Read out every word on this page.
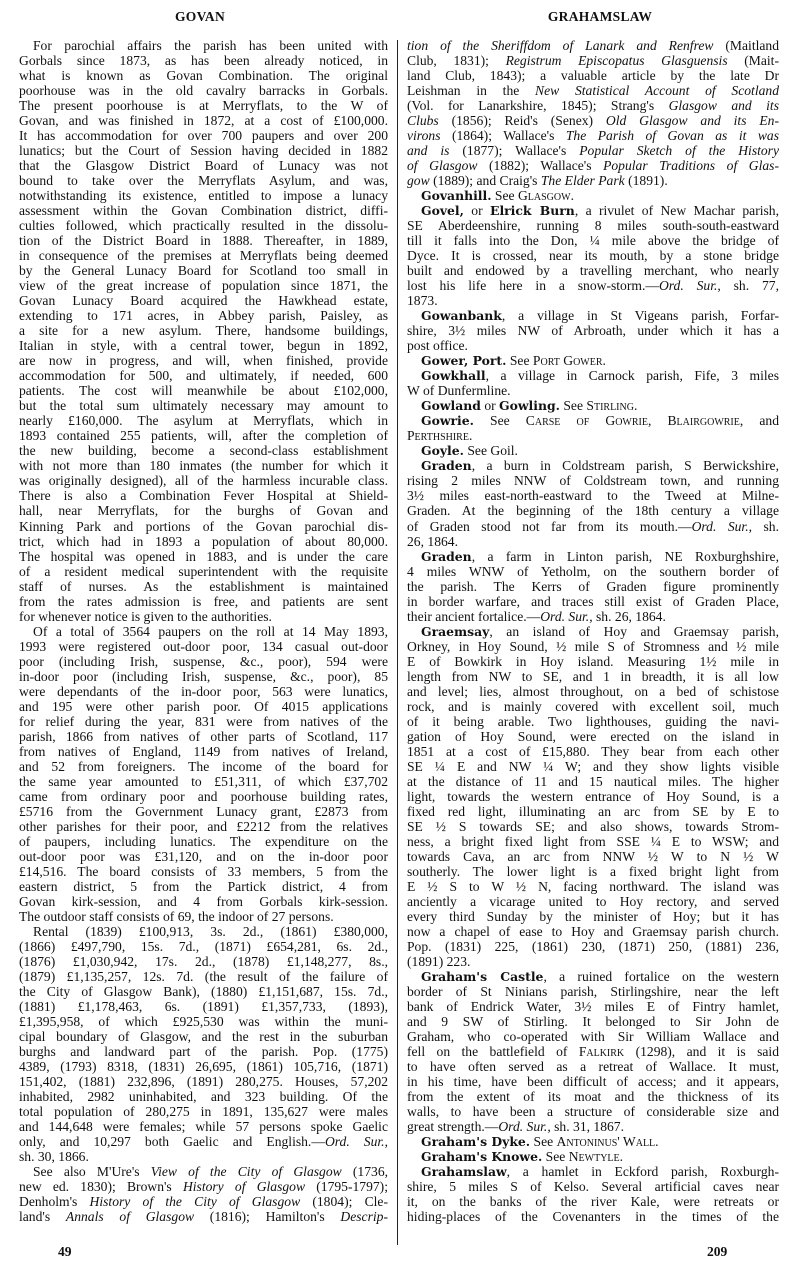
GOVAN	GRAHAMSLAW
For parochial affairs the parish has been united with
Gorbals since 1873, as has been already noticed, in
what is known as Govan Combination. The original
poorhouse was in the old cavalry barracks in Gorbals.
The present poorhouse is at Merryflats, to the W of
Govan, and was finished in 1872, at a cost of £100,000.
It has accommodation for over 700 paupers and over 200
lunatics; but the Court of Session having decided in 1882
that the Glasgow District Board of Lunacy was not
bound to take over the Merryflats Asylum, and was,
notwithstanding its existence, entitled to impose a lunacy
assessment within the Govan Combination district, diffi-
culties followed, which practically resulted in the dissolu-
tion of the District Board in 1888. Thereafter, in 1889,
in consequence of the premises at Merryflats being deemed
by the General Lunacy Board for Scotland too small in
view of the great increase of population since 1871, the
Govan Lunacy Board acquired the Hawkhead estate,
extending to 171 acres, in Abbey parish, Paisley, as
a site for a new asylum. There, handsome buildings,
Italian in style, with a central tower, begun in 1892,
are now in progress, and will, when finished, provide
accommodation for 500, and ultimately, if needed, 600
patients. The cost will meanwhile be about £102,000,
but the total sum ultimately necessary may amount to
nearly £160,000. The asylum at Merryflats, which in
1893 contained 255 patients, will, after the completion of
the new building, become a second-class establishment
with not more than 180 inmates (the number for which it
was originally designed), all of the harmless incurable class.
There is also a Combination Fever Hospital at Shield-
hall, near Merryflats, for the burghs of Govan and
Kinning Park and portions of the Govan parochial dis-
trict, which had in 1893 a population of about 80,000.
The hospital was opened in 1883, and is under the care
of a resident medical superintendent with the requisite
staff of nurses. As the establishment is maintained
from the rates admission is free, and patients are sent
for whenever notice is given to the authorities.
Of a total of 3564 paupers on the roll at 14 May 1893,
1993 were registered out-door poor, 134 casual out-door
poor (including Irish, suspense, &c., poor), 594 were
in-door poor (including Irish, suspense, &c., poor), 85
were dependants of the in-door poor, 563 were lunatics,
and 195 were other parish poor. Of 4015 applications
for relief during the year, 831 were from natives of the
parish, 1866 from natives of other parts of Scotland, 117
from natives of England, 1149 from natives of Ireland,
and 52 from foreigners. The income of the board for
the same year amounted to £51,311, of which £37,702
came from ordinary poor and poorhouse building rates,
£5716 from the Government Lunacy grant, £2873 from
other parishes for their poor, and £2212 from the relatives
of paupers, including lunatics. The expenditure on the
out-door poor was £31,120, and on the in-door poor
£14,516. The board consists of 33 members, 5 from the
eastern district, 5 from the Partick district, 4 from
Govan kirk-session, and 4 from Gorbals kirk-session.
The outdoor staff consists of 69, the indoor of 27 persons.
Rental (1839) £100,913, 3s. 2d., (1861) £380,000,
(1866) £497,790, 15s. 7d., (1871) £654,281, 6s. 2d.,
(1876) £1,030,942, 17s. 2d., (1878) £1,148,277, 8s.,
(1879) £1,135,257, 12s. 7d. (the result of the failure of
the City of Glasgow Bank), (1880) £1,151,687, 15s. 7d.,
(1881) £1,178,463, 6s. (1891) £1,357,733, (1893),
£1,395,958, of which £925,530 was within the muni-
cipal boundary of Glasgow, and the rest in the suburban
burghs and landward part of the parish. Pop. (1775)
4389, (1793) 8318, (1831) 26,695, (1861) 105,716, (1871)
151,402, (1881) 232,896, (1891) 280,275. Houses, 57,202
inhabited, 2982 uninhabited, and 323 building. Of the
total population of 280,275 in 1891, 135,627 were males
and 144,648 were females; while 57 persons spoke Gaelic
only, and 10,297 both Gaelic and English.—Ord. Sur.,
sh. 30, 1866.
See also M'Ure's View of the City of Glasgow (1736,
new ed. 1830); Brown's History of Glasgow (1795-1797);
Denholm's History of the City of Glasgow (1804); Cle-
land's Annals of Glasgow (1816); Hamilton's Descrip-
tion of the Sheriffdom of Lanark and Renfrew (Maitland
Club, 1831); Registrum Episcopatus Glasguensis (Mait-
land Club, 1843); a valuable article by the late Dr
Leishman in the New Statistical Account of Scotland
(Vol. for Lanarkshire, 1845); Strang's Glasgow and its
Clubs (1856); Reid's (Senex) Old Glasgow and its En-
virons (1864); Wallace's The Parish of Govan as it was
and is (1877); Wallace's Popular Sketch of the History
of Glasgow (1882); Wallace's Popular Traditions of Glas-
gow (1889); and Craig's The Elder Park (1891).
Govanhill. See Glasgow.
Govel, or Elrick Burn, a rivulet of New Machar parish,
SE Aberdeenshire, running 8 miles south-south-eastward
till it falls into the Don, ¼ mile above the bridge of
Dyce. It is crossed, near its mouth, by a stone bridge
built and endowed by a travelling merchant, who nearly
lost his life here in a snow-storm.—Ord. Sur., sh. 77,
1873.
Gowanbank, a village in St Vigeans parish, Forfar-
shire, 3½ miles NW of Arbroath, under which it has a
post office.
Gower, Port. See Port Gower.
Gowkhall, a village in Carnock parish, Fife, 3 miles
W of Dunfermline.
Gowland or Gowling. See Stirling.
Gowrie. See Carse of Gowrie, Blairgowrie, and
Perthshire.
Goyle. See Goil.
Graden, a burn in Coldstream parish, S Berwickshire,
rising 2 miles NNW of Coldstream town, and running
3½ miles east-north-eastward to the Tweed at Milne-
Graden. At the beginning of the 18th century a village
of Graden stood not far from its mouth.—Ord. Sur., sh.
26, 1864.
Graden, a farm in Linton parish, NE Roxburghshire,
4 miles WNW of Yetholm, on the southern border of
the parish. The Kerrs of Graden figure prominently
in border warfare, and traces still exist of Graden Place,
their ancient fortalice.—Ord. Sur., sh. 26, 1864.
Graemsay, an island of Hoy and Graemsay parish,
Orkney, in Hoy Sound, ½ mile S of Stromness and ½ mile
E of Bowkirk in Hoy island. Measuring 1½ mile in
length from NW to SE, and 1 in breadth, it is all low
and level; lies, almost throughout, on a bed of schistose
rock, and is mainly covered with excellent soil, much
of it being arable. Two lighthouses, guiding the navi-
gation of Hoy Sound, were erected on the island in
1851 at a cost of £15,880. They bear from each other
SE ¼ E and NW ¼ W; and they show lights visible
at the distance of 11 and 15 nautical miles. The higher
light, towards the western entrance of Hoy Sound, is a
fixed red light, illuminating an arc from SE by E to
SE ½ S towards SE; and also shows, towards Strom-
ness, a bright fixed light from SSE ¼ E to WSW; and
towards Cava, an arc from NNW ½ W to N ½ W
southerly. The lower light is a fixed bright light from
E ½ S to W ½ N, facing northward. The island was
anciently a vicarage united to Hoy rectory, and served
every third Sunday by the minister of Hoy; but it has
now a chapel of ease to Hoy and Graemsay parish church.
Pop. (1831) 225, (1861) 230, (1871) 250, (1881) 236,
(1891) 223.
Graham's Castle, a ruined fortalice on the western
border of St Ninians parish, Stirlingshire, near the left
bank of Endrick Water, 3½ miles E of Fintry hamlet,
and 9 SW of Stirling. It belonged to Sir John de
Graham, who co-operated with Sir William Wallace and
fell on the battlefield of Falkirk (1298), and it is said
to have often served as a retreat of Wallace. It must,
in his time, have been difficult of access; and it appears,
from the extent of its moat and the thickness of its
walls, to have been a structure of considerable size and
great strength.—Ord. Sur., sh. 31, 1867.
Graham's Dyke. See Antoninus' Wall.
Graham's Knowe. See Newtyle.
Grahamslaw, a hamlet in Eckford parish, Roxburgh-
shire, 5 miles S of Kelso. Several artificial caves near
it, on the banks of the river Kale, were retreats or
hiding-places of the Covenanters in the times of the
49	209
